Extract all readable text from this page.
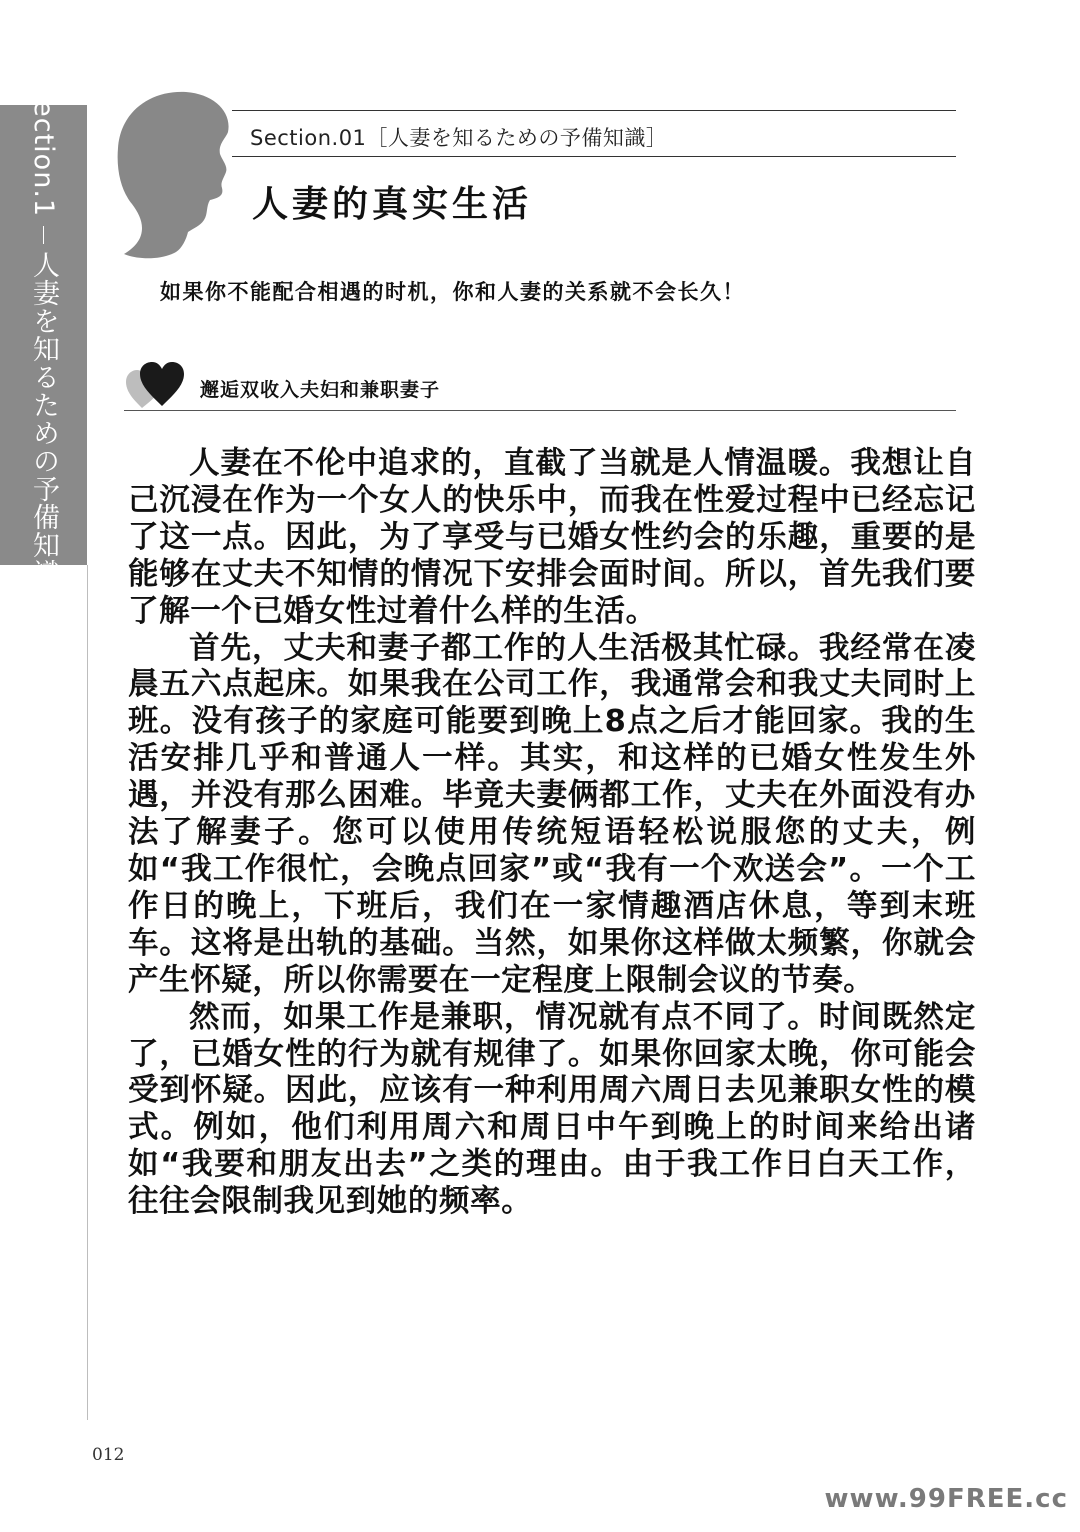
Section.1人妻を知るための予備知識
Section.01［人妻を知るための予備知識］
人妻的真实生活
如果你不能配合相遇的时机，你和人妻的关系就不会长久！
邂逅双收入夫妇和兼职妻子

人妻在不伦中追求的，直截了当就是人情温暖。我想让自己沉浸在作为一个女人的快乐中，而我在性爱过程中已经忘记了这一点。因此，为了享受与已婚女性约会的乐趣，重要的是能够在丈夫不知情的情况下安排会面时间。所以，首先我们要了解一个已婚女性过着什么样的生活。

首先，丈夫和妻子都工作的人生活极其忙碌。我经常在凌晨五六点起床。如果我在公司工作，我通常会和我丈夫同时上班。没有孩子的家庭可能要到晚上8点之后才能回家。我的生活安排几乎和普通人一样。其实，和这样的已婚女性发生外遇，并没有那么困难。毕竟夫妻俩都工作，丈夫在外面没有办法了解妻子。您可以使用传统短语轻松说服您的丈夫，例如“我工作很忙，会晚点回家”或“我有一个欢送会”。一个工作日的晚上，下班后，我们在一家情趣酒店休息，等到末班车。这将是出轨的基础。当然，如果你这样做太频繁，你就会产生怀疑，所以你需要在一定程度上限制会议的节奏。

然而，如果工作是兼职，情况就有点不同了。时间既然定了，已婚女性的行为就有规律了。如果你回家太晚，你可能会受到怀疑。因此，应该有一种利用周六周日去见兼职女性的模式。例如，他们利用周六和周日中午到晚上的时间来给出诸如“我要和朋友出去”之类的理由。由于我工作日白天工作，往往会限制我见到她的频率。

012
www.99FREE.cc
